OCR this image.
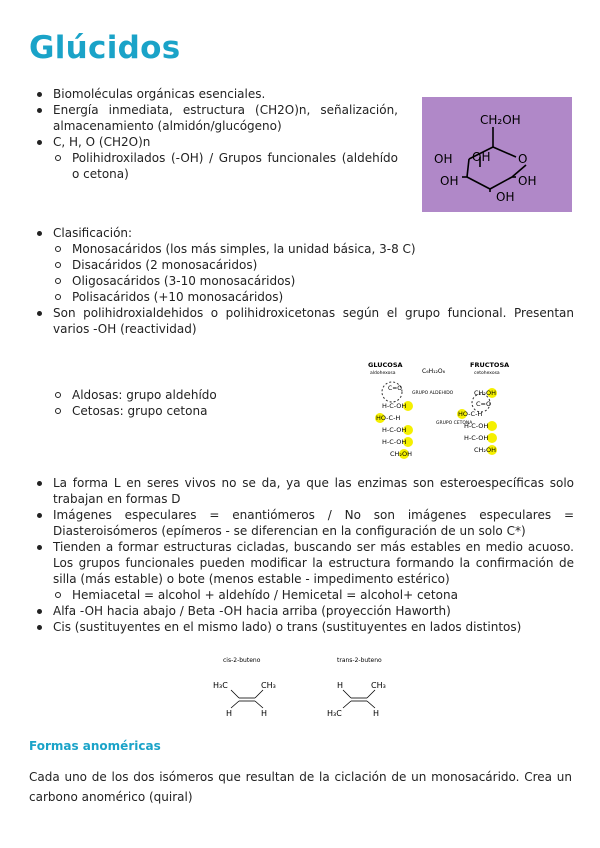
Glúcidos
Biomoléculas orgánicas esenciales.
Energía inmediata, estructura (CH2O)n, señalización, almacenamiento (almidón/glucógeno)
C, H, O (CH2O)n
Polihidroxilados (-OH) / Grupos funcionales (aldehído o cetona)
CH₂OH
O
OH OH
OH	OH
OH
Clasificación:
Monosacáridos (los más simples, la unidad básica, 3-8 C)
Disacáridos (2 monosacáridos)
Oligosacáridos (3-10 monosacáridos)
Polisacáridos (+10 monosacáridos)
Son polihidroxialdehidos o polihidroxicetonas según el grupo funcional. Presentan varios -OH (reactividad)
Aldosas: grupo aldehído
Cetosas: grupo cetona
GLUCOSA
aldohexosa	C₆H₁₂O₆
FRUCTOSA
cetohexosa
GRUPO ALDEHIDO
GRUPO CETONA
C=O
H-C-OH
HO-C-H
H-C-OH
H-C-OH
CH₂OH
CH₂OH
C=O
HO-C-H
H-C-OH
H-C-OH
CH₂OH
La forma L en seres vivos no se da, ya que las enzimas son esteroespecíficas solo trabajan en formas D
Imágenes especulares = enantiómeros / No son imágenes especulares = Diasteroisómeros (epímeros - se diferencian en la configuración de un solo C*)
Tienden a formar estructuras cicladas, buscando ser más estables en medio acuoso. Los grupos funcionales pueden modificar la estructura formando la confirmación de silla (más estable) o bote (menos estable - impedimento estérico)
Hemiacetal = alcohol + aldehído / Hemicetal = alcohol+ cetona
Alfa -OH hacia abajo / Beta -OH hacia arriba (proyección Haworth)
Cis (sustituyentes en el mismo lado) o trans (sustituyentes en lados distintos)
cis-2-buteno	trans-2-buteno
H₃C	CH₃
H	H
H	CH₃
H₃C	H
Formas anoméricas
Cada uno de los dos isómeros que resultan de la ciclación de un monosacárido. Crea un carbono anomérico (quiral)
